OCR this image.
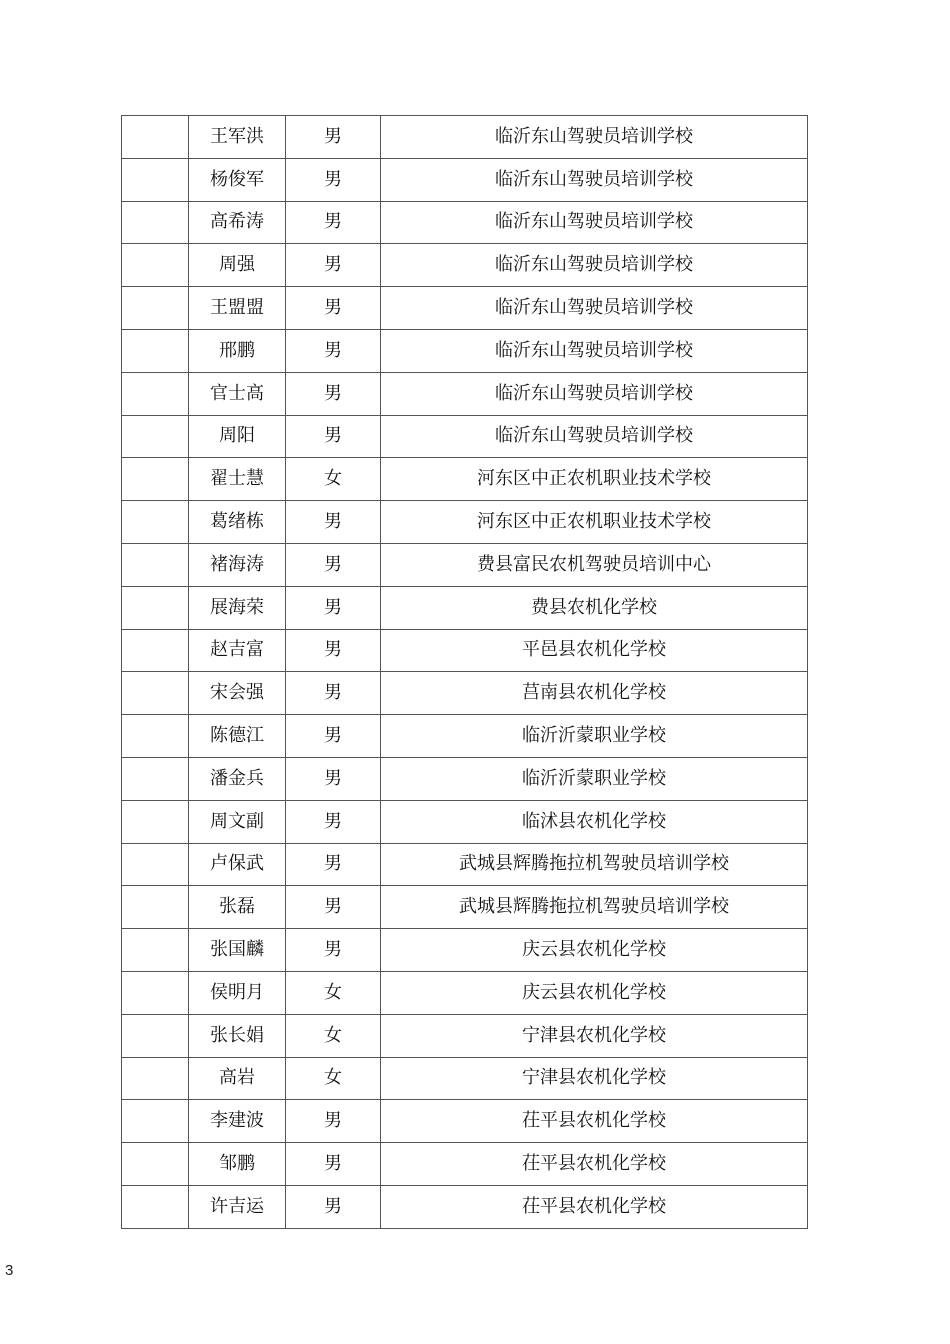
	王军洪	男	临沂东山驾驶员培训学校
	杨俊军	男	临沂东山驾驶员培训学校
	高希涛	男	临沂东山驾驶员培训学校
	周强	男	临沂东山驾驶员培训学校
	王盟盟	男	临沂东山驾驶员培训学校
	邢鹏	男	临沂东山驾驶员培训学校
	官士高	男	临沂东山驾驶员培训学校
	周阳	男	临沂东山驾驶员培训学校
	翟士慧	女	河东区中正农机职业技术学校
	葛绪栋	男	河东区中正农机职业技术学校
	褚海涛	男	费县富民农机驾驶员培训中心
	展海荣	男	费县农机化学校
	赵吉富	男	平邑县农机化学校
	宋会强	男	莒南县农机化学校
	陈德江	男	临沂沂蒙职业学校
	潘金兵	男	临沂沂蒙职业学校
	周文副	男	临沭县农机化学校
	卢保武	男	武城县辉腾拖拉机驾驶员培训学校
	张磊	男	武城县辉腾拖拉机驾驶员培训学校
	张国麟	男	庆云县农机化学校
	侯明月	女	庆云县农机化学校
	张长娟	女	宁津县农机化学校
	高岩	女	宁津县农机化学校
	李建波	男	茌平县农机化学校
	邹鹏	男	茌平县农机化学校
	许吉运	男	茌平县农机化学校
3
